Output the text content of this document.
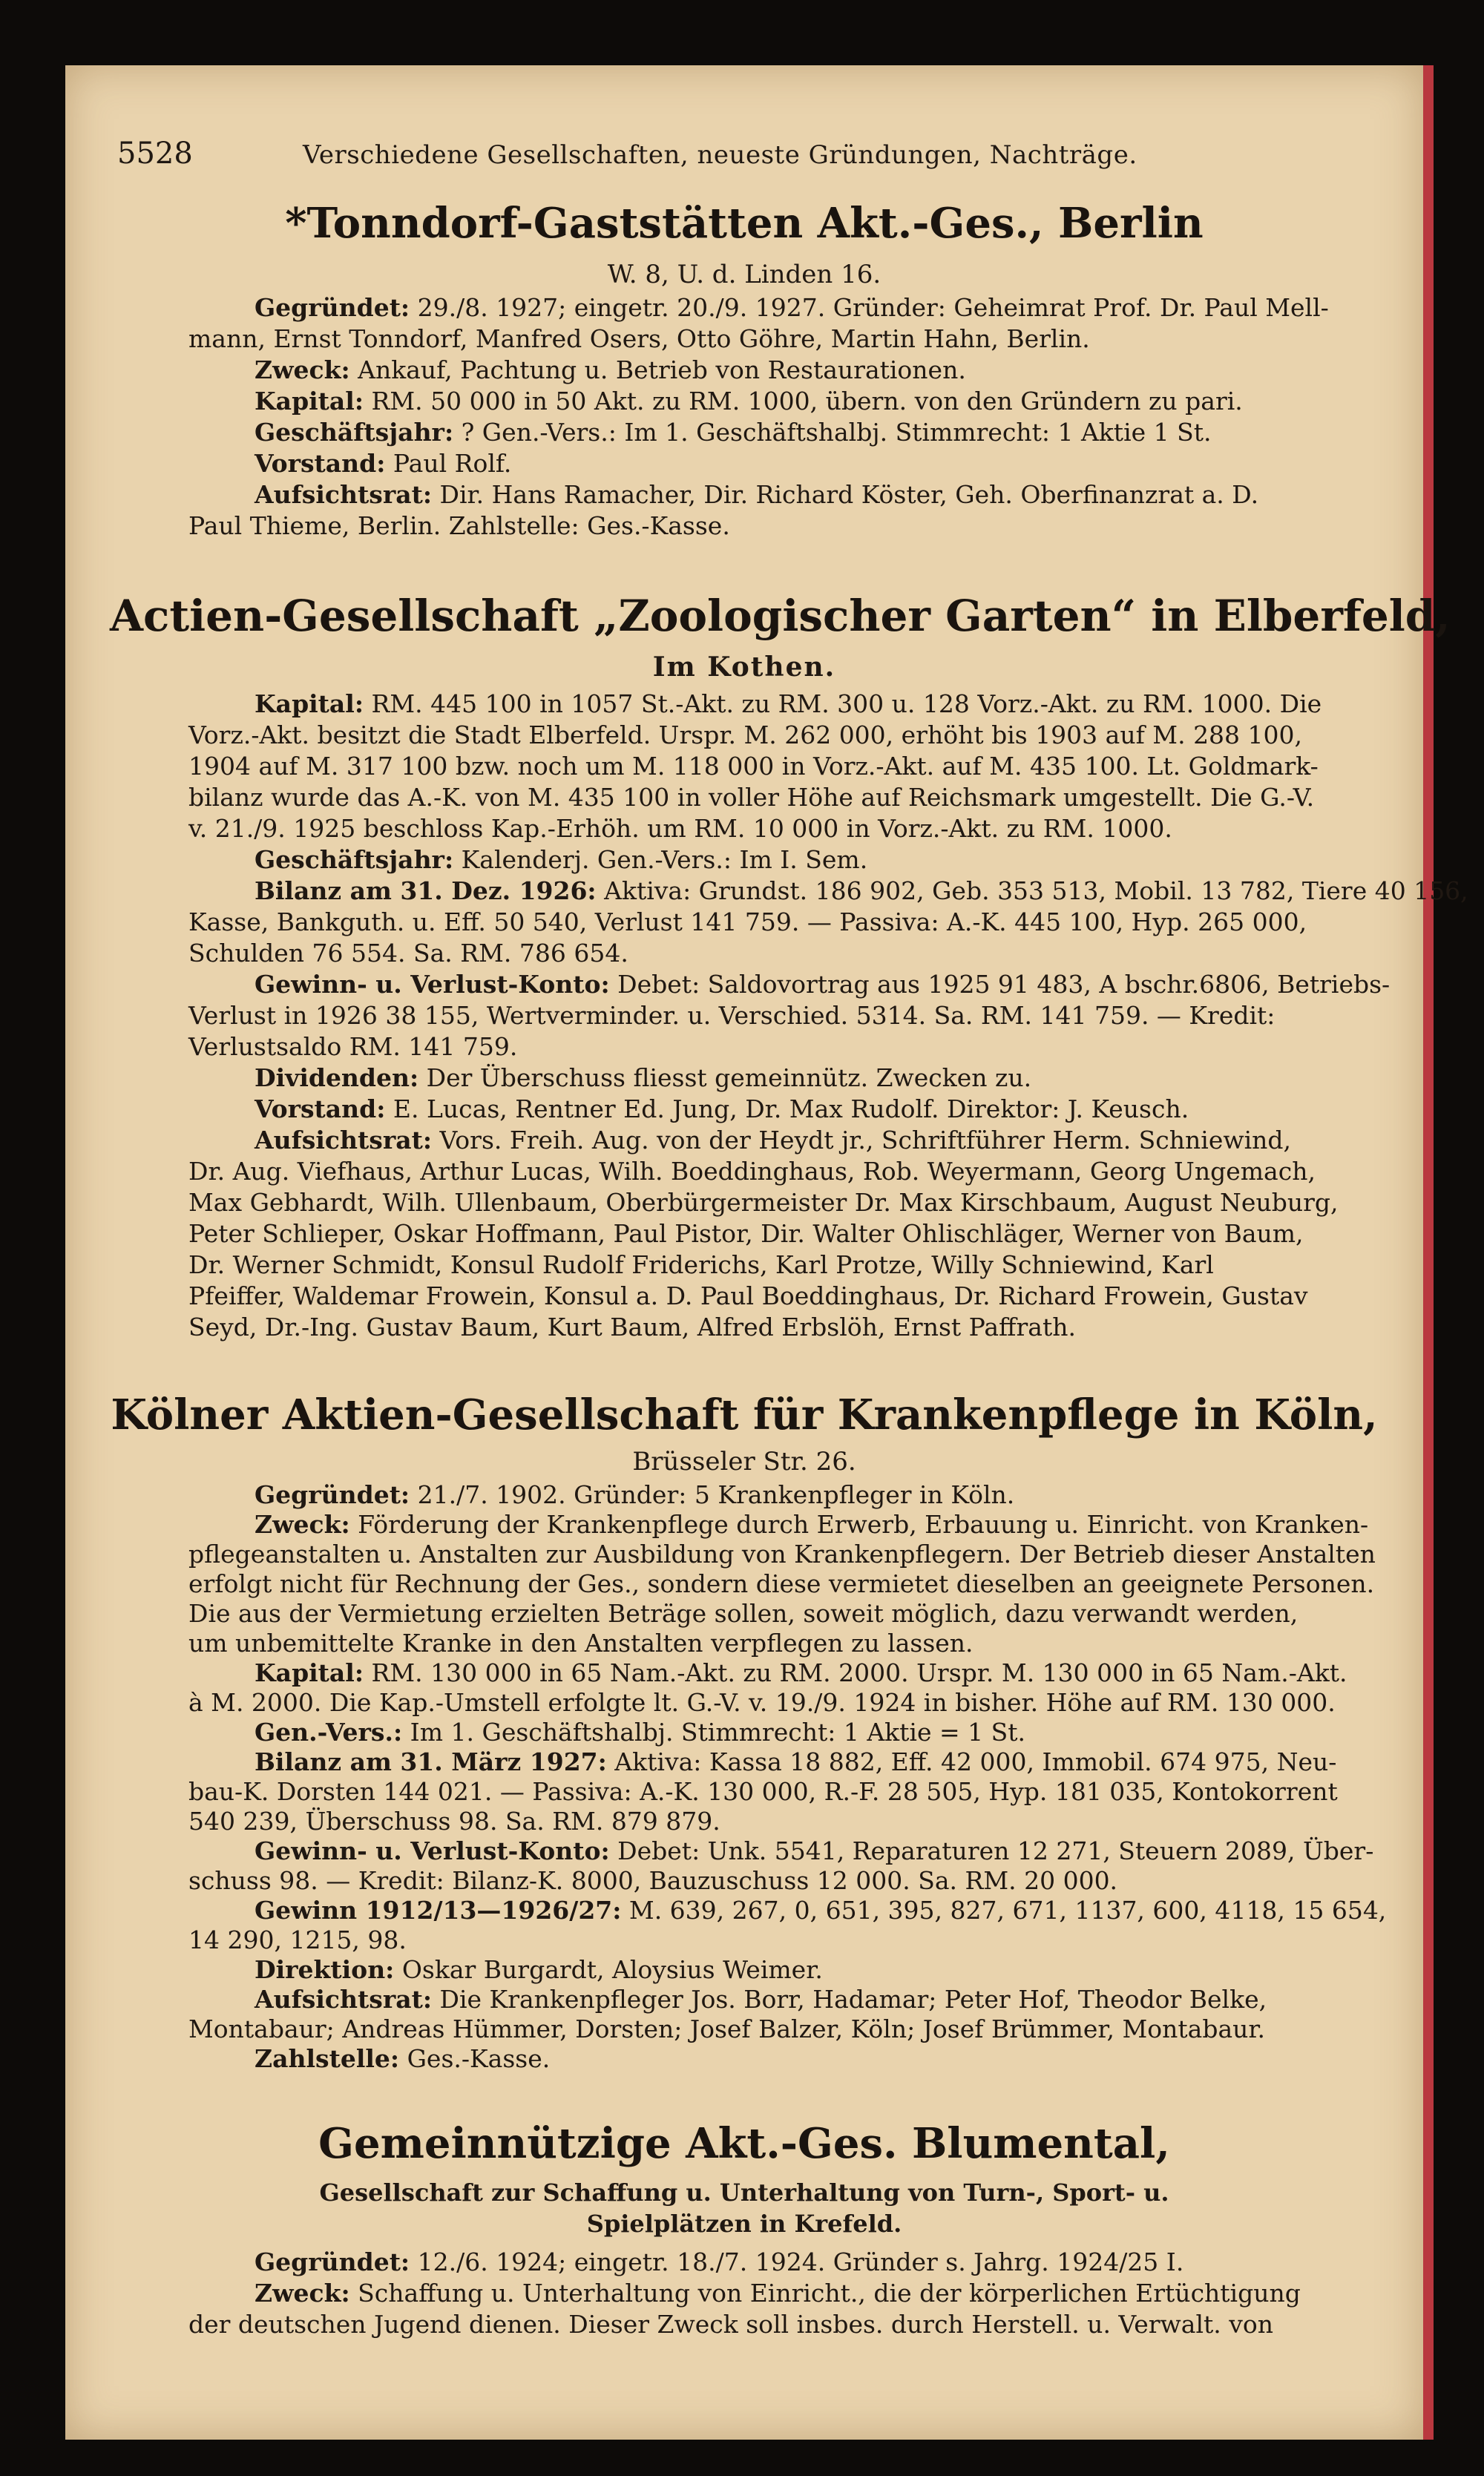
5528	Verschiedene Gesellschaften, neueste Gründungen, Nachträge.
*Tonndorf-Gaststätten Akt.-Ges., Berlin
W. 8, U. d. Linden 16.
Gegründet: 29./8. 1927; eingetr. 20./9. 1927. Gründer: Geheimrat Prof. Dr. Paul Mell-
mann, Ernst Tonndorf, Manfred Osers, Otto Göhre, Martin Hahn, Berlin.
Zweck: Ankauf, Pachtung u. Betrieb von Restaurationen.
Kapital: RM. 50 000 in 50 Akt. zu RM. 1000, übern. von den Gründern zu pari.
Geschäftsjahr: ? Gen.-Vers.: Im 1. Geschäftshalbj. Stimmrecht: 1 Aktie 1 St.
Vorstand: Paul Rolf.
Aufsichtsrat: Dir. Hans Ramacher, Dir. Richard Köster, Geh. Oberfinanzrat a. D.
Paul Thieme, Berlin. Zahlstelle: Ges.-Kasse.
Actien-Gesellschaft „Zoologischer Garten“ in Elberfeld,
Im Kothen.
Kapital: RM. 445 100 in 1057 St.-Akt. zu RM. 300 u. 128 Vorz.-Akt. zu RM. 1000. Die
Vorz.-Akt. besitzt die Stadt Elberfeld. Urspr. M. 262 000, erhöht bis 1903 auf M. 288 100,
1904 auf M. 317 100 bzw. noch um M. 118 000 in Vorz.-Akt. auf M. 435 100. Lt. Goldmark-
bilanz wurde das A.-K. von M. 435 100 in voller Höhe auf Reichsmark umgestellt. Die G.-V.
v. 21./9. 1925 beschloss Kap.-Erhöh. um RM. 10 000 in Vorz.-Akt. zu RM. 1000.
Geschäftsjahr: Kalenderj. Gen.-Vers.: Im I. Sem.
Bilanz am 31. Dez. 1926: Aktiva: Grundst. 186 902, Geb. 353 513, Mobil. 13 782, Tiere 40 156,
Kasse, Bankguth. u. Eff. 50 540, Verlust 141 759. — Passiva: A.-K. 445 100, Hyp. 265 000,
Schulden 76 554. Sa. RM. 786 654.
Gewinn- u. Verlust-Konto: Debet: Saldovortrag aus 1925 91 483, A bschr.6806, Betriebs-
Verlust in 1926 38 155, Wertverminder. u. Verschied. 5314. Sa. RM. 141 759. — Kredit:
Verlustsaldo RM. 141 759.
Dividenden: Der Überschuss fliesst gemeinnütz. Zwecken zu.
Vorstand: E. Lucas, Rentner Ed. Jung, Dr. Max Rudolf. Direktor: J. Keusch.
Aufsichtsrat: Vors. Freih. Aug. von der Heydt jr., Schriftführer Herm. Schniewind,
Dr. Aug. Viefhaus, Arthur Lucas, Wilh. Boeddinghaus, Rob. Weyermann, Georg Ungemach,
Max Gebhardt, Wilh. Ullenbaum, Oberbürgermeister Dr. Max Kirschbaum, August Neuburg,
Peter Schlieper, Oskar Hoffmann, Paul Pistor, Dir. Walter Ohlischläger, Werner von Baum,
Dr. Werner Schmidt, Konsul Rudolf Friderichs, Karl Protze, Willy Schniewind, Karl
Pfeiffer, Waldemar Frowein, Konsul a. D. Paul Boeddinghaus, Dr. Richard Frowein, Gustav
Seyd, Dr.-Ing. Gustav Baum, Kurt Baum, Alfred Erbslöh, Ernst Paffrath.
Kölner Aktien-Gesellschaft für Krankenpflege in Köln,
Brüsseler Str. 26.
Gegründet: 21./7. 1902. Gründer: 5 Krankenpfleger in Köln.
Zweck: Förderung der Krankenpflege durch Erwerb, Erbauung u. Einricht. von Kranken-
pflegeanstalten u. Anstalten zur Ausbildung von Krankenpflegern. Der Betrieb dieser Anstalten
erfolgt nicht für Rechnung der Ges., sondern diese vermietet dieselben an geeignete Personen.
Die aus der Vermietung erzielten Beträge sollen, soweit möglich, dazu verwandt werden,
um unbemittelte Kranke in den Anstalten verpflegen zu lassen.
Kapital: RM. 130 000 in 65 Nam.-Akt. zu RM. 2000. Urspr. M. 130 000 in 65 Nam.-Akt.
à M. 2000. Die Kap.-Umstell erfolgte lt. G.-V. v. 19./9. 1924 in bisher. Höhe auf RM. 130 000.
Gen.-Vers.: Im 1. Geschäftshalbj. Stimmrecht: 1 Aktie = 1 St.
Bilanz am 31. März 1927: Aktiva: Kassa 18 882, Eff. 42 000, Immobil. 674 975, Neu-
bau-K. Dorsten 144 021. — Passiva: A.-K. 130 000, R.-F. 28 505, Hyp. 181 035, Kontokorrent
540 239, Überschuss 98. Sa. RM. 879 879.
Gewinn- u. Verlust-Konto: Debet: Unk. 5541, Reparaturen 12 271, Steuern 2089, Über-
schuss 98. — Kredit: Bilanz-K. 8000, Bauzuschuss 12 000. Sa. RM. 20 000.
Gewinn 1912/13—1926/27: M. 639, 267, 0, 651, 395, 827, 671, 1137, 600, 4118, 15 654,
14 290, 1215, 98.
Direktion: Oskar Burgardt, Aloysius Weimer.
Aufsichtsrat: Die Krankenpfleger Jos. Borr, Hadamar; Peter Hof, Theodor Belke,
Montabaur; Andreas Hümmer, Dorsten; Josef Balzer, Köln; Josef Brümmer, Montabaur.
Zahlstelle: Ges.-Kasse.
Gemeinnützige Akt.-Ges. Blumental,
Gesellschaft zur Schaffung u. Unterhaltung von Turn-, Sport- u. Spielplätzen in Krefeld.
Gegründet: 12./6. 1924; eingetr. 18./7. 1924. Gründer s. Jahrg. 1924/25 I.
Zweck: Schaffung u. Unterhaltung von Einricht., die der körperlichen Ertüchtigung
der deutschen Jugend dienen. Dieser Zweck soll insbes. durch Herstell. u. Verwalt. von
